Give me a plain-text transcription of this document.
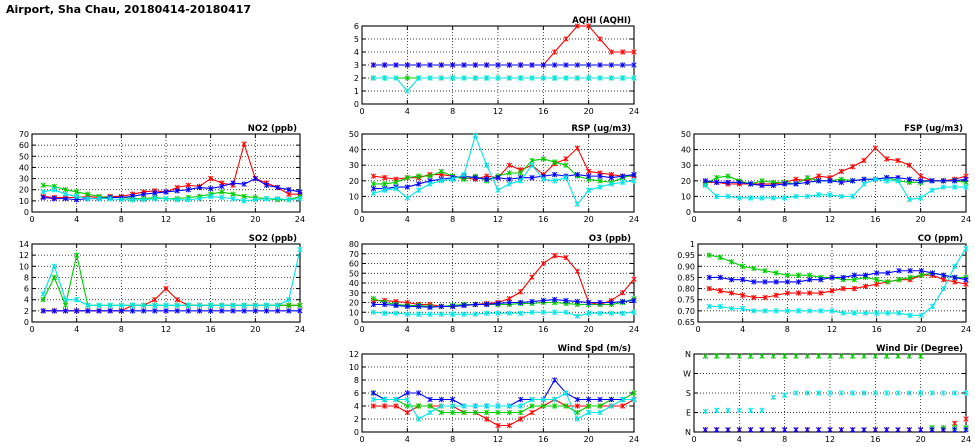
Airport, Sha Chau, 20180414-20180417
0	4	8	12	16	20	24
0
1
2
3
4
5
6
AQHI (AQHI)
0	4	8	12	16	20	24
0
10
20
30
40
50
60
70
NO2 (ppb)
0	4	8	12	16	20	24
0
10
20
30
40
50
RSP (ug/m3)
0	4	8	12	16	20	24
0
10
20
30
40
50
FSP (ug/m3)
0	4	8	12	16	20	24
0
2
4
6
8
10
12
14
SO2 (ppb)
0	4	8	12	16	20	24
0
10
20
30
40
50
60
70
80
O3 (ppb)
0	4	8	12	16	20	24
0.65
0.70
0.75
0.80
0.85
0.90
0.95
1
CO (ppm)
0	4	8	12	16	20	24
0
2
4
6
8
10
12
Wind Spd (m/s)
0	4	8	12	16	20	24
N
E
S
W
N
Wind Dir (Degree)
